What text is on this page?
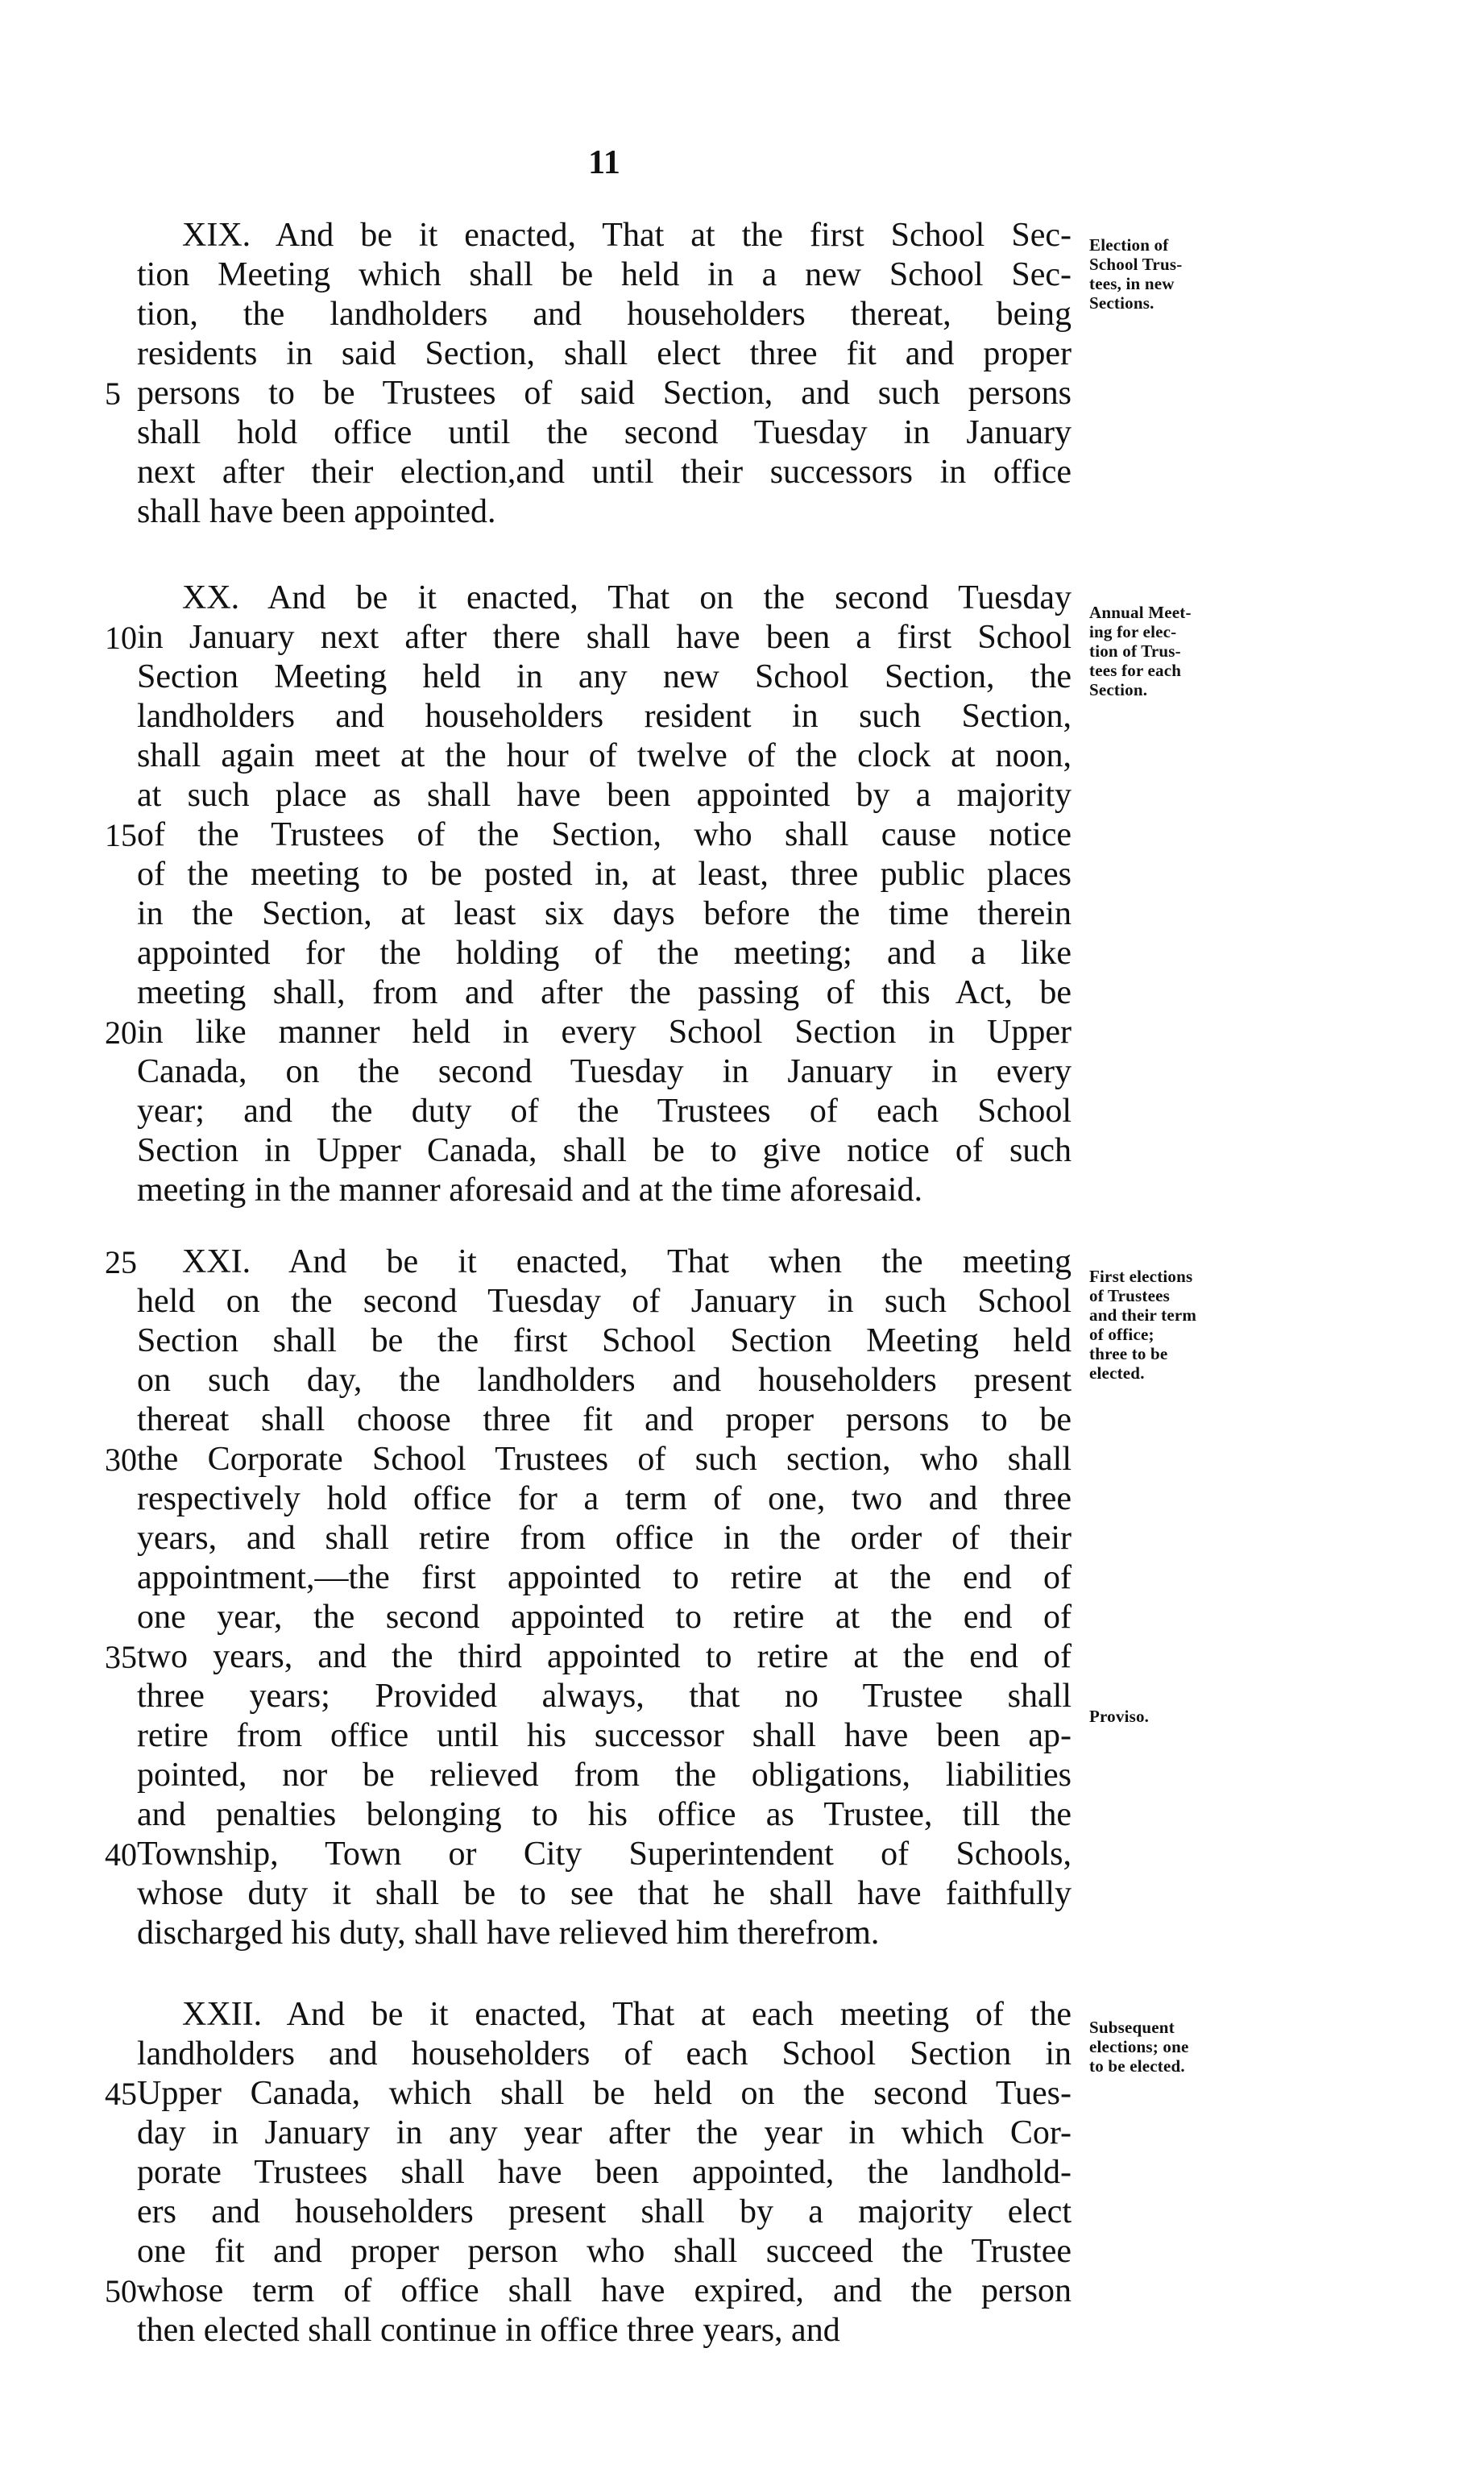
11
XIX. And be it enacted, That at the first School Sec-
tion Meeting which shall be held in a new School Sec-
tion, the landholders and householders thereat, being
residents in said Section, shall elect three fit and proper
persons to be Trustees of said Section, and such persons
5
shall hold office until the second Tuesday in January
next after their election,and until their successors in office
shall have been appointed.
XX. And be it enacted, That on the second Tuesday
in January next after there shall have been a first School
10
Section Meeting held in any new School Section, the
landholders and householders resident in such Section,
shall again meet at the hour of twelve of the clock at noon,
at such place as shall have been appointed by a majority
of the Trustees of the Section, who shall cause notice
15
of the meeting to be posted in, at least, three public places
in the Section, at least six days before the time therein
appointed for the holding of the meeting; and a like
meeting shall, from and after the passing of this Act, be
in like manner held in every School Section in Upper
20
Canada, on the second Tuesday in January in every
year; and the duty of the Trustees of each School
Section in Upper Canada, shall be to give notice of such
meeting in the manner aforesaid and at the time aforesaid.
XXI. And be it enacted, That when the meeting
25
held on the second Tuesday of January in such School
Section shall be the first School Section Meeting held
on such day, the landholders and householders present
thereat shall choose three fit and proper persons to be
the Corporate School Trustees of such section, who shall
30
respectively hold office for a term of one, two and three
years, and shall retire from office in the order of their
appointment,—the first appointed to retire at the end of
one year, the second appointed to retire at the end of
two years, and the third appointed to retire at the end of
35
three years; Provided always, that no Trustee shall
retire from office until his successor shall have been ap-
pointed, nor be relieved from the obligations, liabilities
and penalties belonging to his office as Trustee, till the
Township, Town or City Superintendent of Schools,
40
whose duty it shall be to see that he shall have faithfully
discharged his duty, shall have relieved him therefrom.
XXII. And be it enacted, That at each meeting of the
landholders and householders of each School Section in
Upper Canada, which shall be held on the second Tues-
45
day in January in any year after the year in which Cor-
porate Trustees shall have been appointed, the landhold-
ers and householders present shall by a majority elect
one fit and proper person who shall succeed the Trustee
whose term of office shall have expired, and the person
50
then elected shall continue in office three years, and
Election of
School Trus-
tees, in new
Sections.
Annual Meet-
ing for elec-
tion of Trus-
tees for each
Section.
First elections
of Trustees
and their term
of office;
three to be
elected.
Proviso.
Subsequent
elections; one
to be elected.
